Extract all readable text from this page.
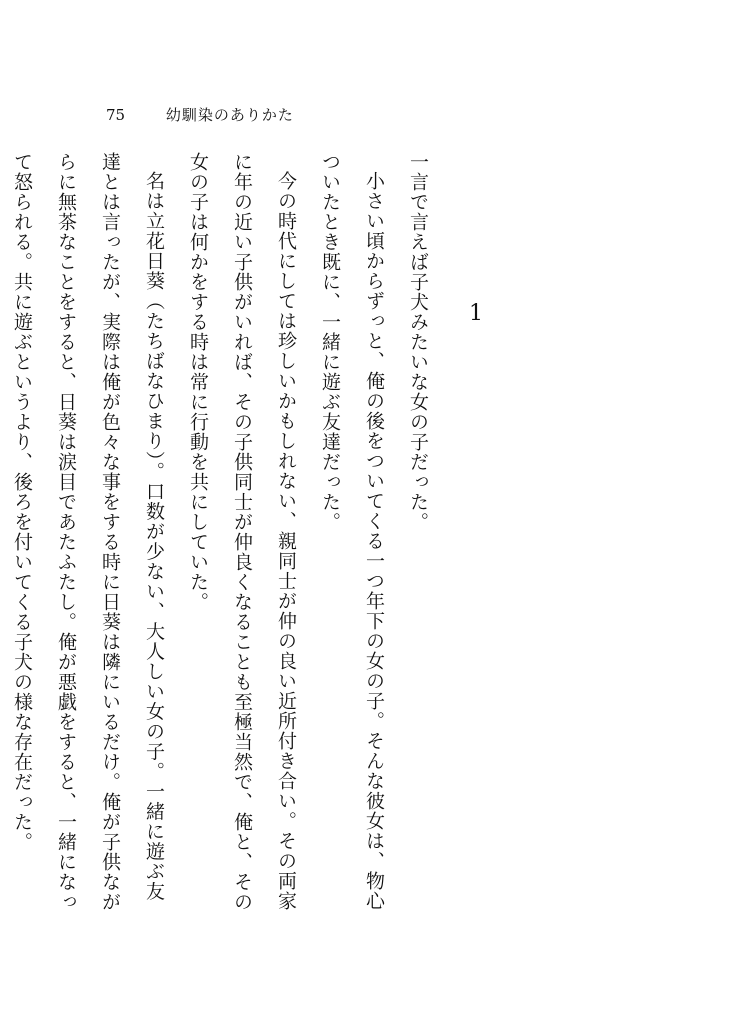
75	幼馴染のありかた
1

一言で言えば子犬みたいな女の子だった。

小さい頃からずっと、俺の後をついてくる一つ年下の女の子。そんな彼女は、物心ついたとき既に、一緒に遊ぶ友達だった。

今の時代にしては珍しいかもしれない、親同士が仲の良い近所付き合い。その両家に年の近い子供がいれば、その子供同士が仲良くなることも至極当然で、俺と、その女の子は何かをする時は常に行動を共にしていた。

名は立花日葵（たちばなひまり）。口数が少ない、大人しい女の子。一緒に遊ぶ友達とは言ったが、実際は俺が色々な事をする時に日葵は隣にいるだけ。俺が子供ながらに無茶なことをすると、日葵は涙目であたふたし。俺が悪戯をすると、一緒になって怒られる。共に遊ぶというより、後ろを付いてくる子犬の様な存在だった。
